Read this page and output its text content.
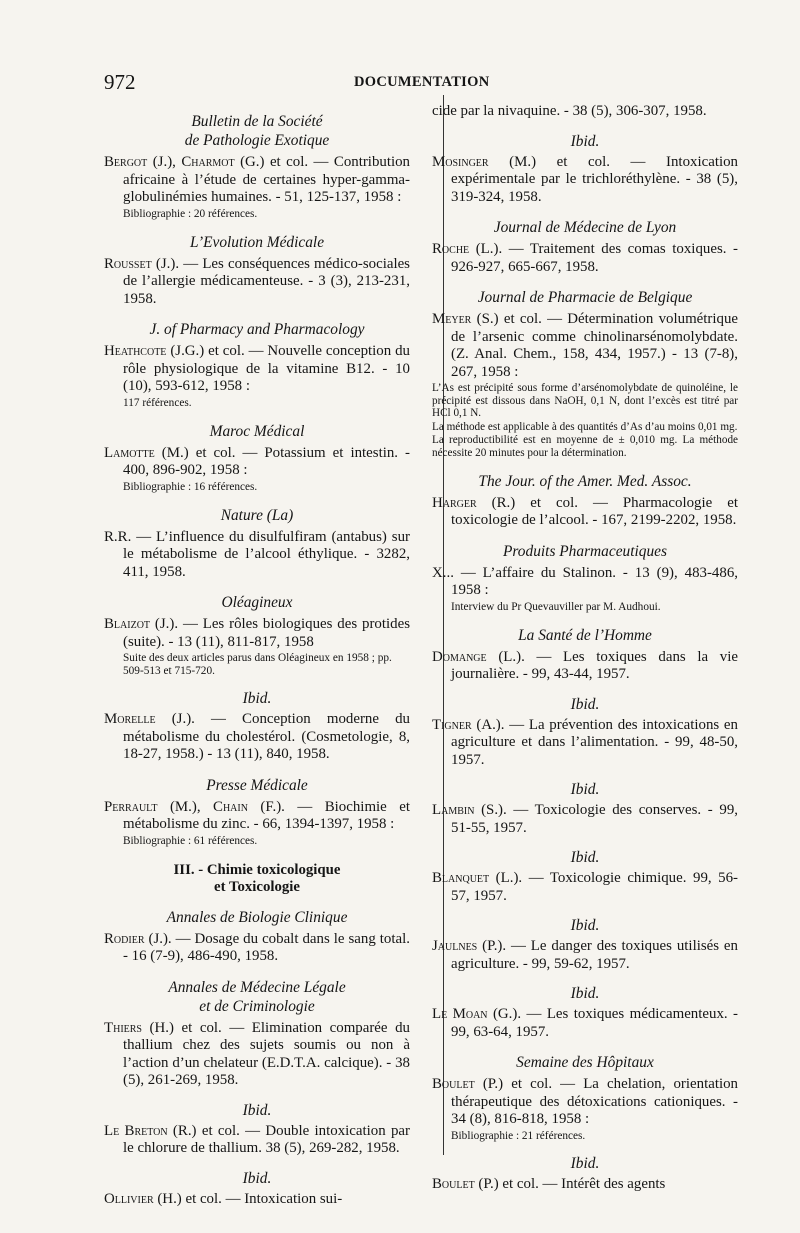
972	DOCUMENTATION
Bulletin de la Société
de Pathologie Exotique
Bergot (J.), Charmot (G.) et col. — Contribution africaine à l’étude de certaines hyper-gamma-globulinémies humaines. - 51, 125-137, 1958 :
Bibliographie : 20 références.
L’Evolution Médicale
Rousset (J.). — Les conséquences médico-sociales de l’allergie médicamenteuse. - 3 (3), 213-231, 1958.
J. of Pharmacy and Pharmacology
Heathcote (J.G.) et col. — Nouvelle conception du rôle physiologique de la vitamine B12. - 10 (10), 593-612, 1958 :
117 références.
Maroc Médical
Lamotte (M.) et col. — Potassium et intestin. - 400, 896-902, 1958 :
Bibliographie : 16 références.
Nature (La)
R.R. — L’influence du disulfulfiram (antabus) sur le métabolisme de l’alcool éthylique. - 3282, 411, 1958.
Oléagineux
Blaizot (J.). — Les rôles biologiques des protides (suite). - 13 (11), 811-817, 1958
Suite des deux articles parus dans Oléagineux en 1958 ; pp. 509-513 et 715-720.
Ibid.
Morelle (J.). — Conception moderne du métabolisme du cholestérol. (Cosmetologie, 8, 18-27, 1958.) - 13 (11), 840, 1958.
Presse Médicale
Perrault (M.), Chain (F.). — Biochimie et métabolisme du zinc. - 66, 1394-1397, 1958 :
Bibliographie : 61 références.
III. - Chimie toxicologique
et Toxicologie
Annales de Biologie Clinique
Rodier (J.). — Dosage du cobalt dans le sang total. - 16 (7-9), 486-490, 1958.
Annales de Médecine Légale
et de Criminologie
Thiers (H.) et col. — Elimination comparée du thallium chez des sujets soumis ou non à l’action d’un chelateur (E.D.T.A. calcique). - 38 (5), 261-269, 1958.
Ibid.
Le Breton (R.) et col. — Double intoxication par le chlorure de thallium. 38 (5), 269-282, 1958.
Ibid.
Ollivier (H.) et col. — Intoxication sui-
cide par la nivaquine. - 38 (5), 306-307, 1958.
Ibid.
Mosinger (M.) et col. — Intoxication expérimentale par le trichloréthylène. - 38 (5), 319-324, 1958.
Journal de Médecine de Lyon
Roche (L.). — Traitement des comas toxiques. - 926-927, 665-667, 1958.
Journal de Pharmacie de Belgique
Meyer (S.) et col. — Détermination volumétrique de l’arsenic comme chinolinarsénomolybdate. (Z. Anal. Chem., 158, 434, 1957.) - 13 (7-8), 267, 1958 :
L’As est précipité sous forme d’arsénomolybdate de quinoléine, le précipité est dissous dans NaOH, 0,1 N, dont l’excès est titré par HCl 0,1 N.
La méthode est applicable à des quantités d’As d’au moins 0,01 mg.
La reproductibilité est en moyenne de ± 0,010 mg. La méthode nécessite 20 minutes pour la détermination.
The Jour. of the Amer. Med. Assoc.
Harger (R.) et col. — Pharmacologie et toxicologie de l’alcool. - 167, 2199-2202, 1958.
Produits Pharmaceutiques
X... — L’affaire du Stalinon. - 13 (9), 483-486, 1958 :
Interview du Pr Quevauviller par M. Audhoui.
La Santé de l’Homme
Domange (L.). — Les toxiques dans la vie journalière. - 99, 43-44, 1957.
Ibid.
Tigner (A.). — La prévention des intoxications en agriculture et dans l’alimentation. - 99, 48-50, 1957.
Ibid.
Lambin (S.). — Toxicologie des conserves. - 99, 51-55, 1957.
Ibid.
Blanquet (L.). — Toxicologie chimique. 99, 56-57, 1957.
Ibid.
Jaulnes (P.). — Le danger des toxiques utilisés en agriculture. - 99, 59-62, 1957.
Ibid.
Le Moan (G.). — Les toxiques médicamenteux. - 99, 63-64, 1957.
Semaine des Hôpitaux
Boulet (P.) et col. — La chelation, orientation thérapeutique des détoxications cationiques. - 34 (8), 816-818, 1958 :
Bibliographie : 21 références.
Ibid.
Boulet (P.) et col. — Intérêt des agents
